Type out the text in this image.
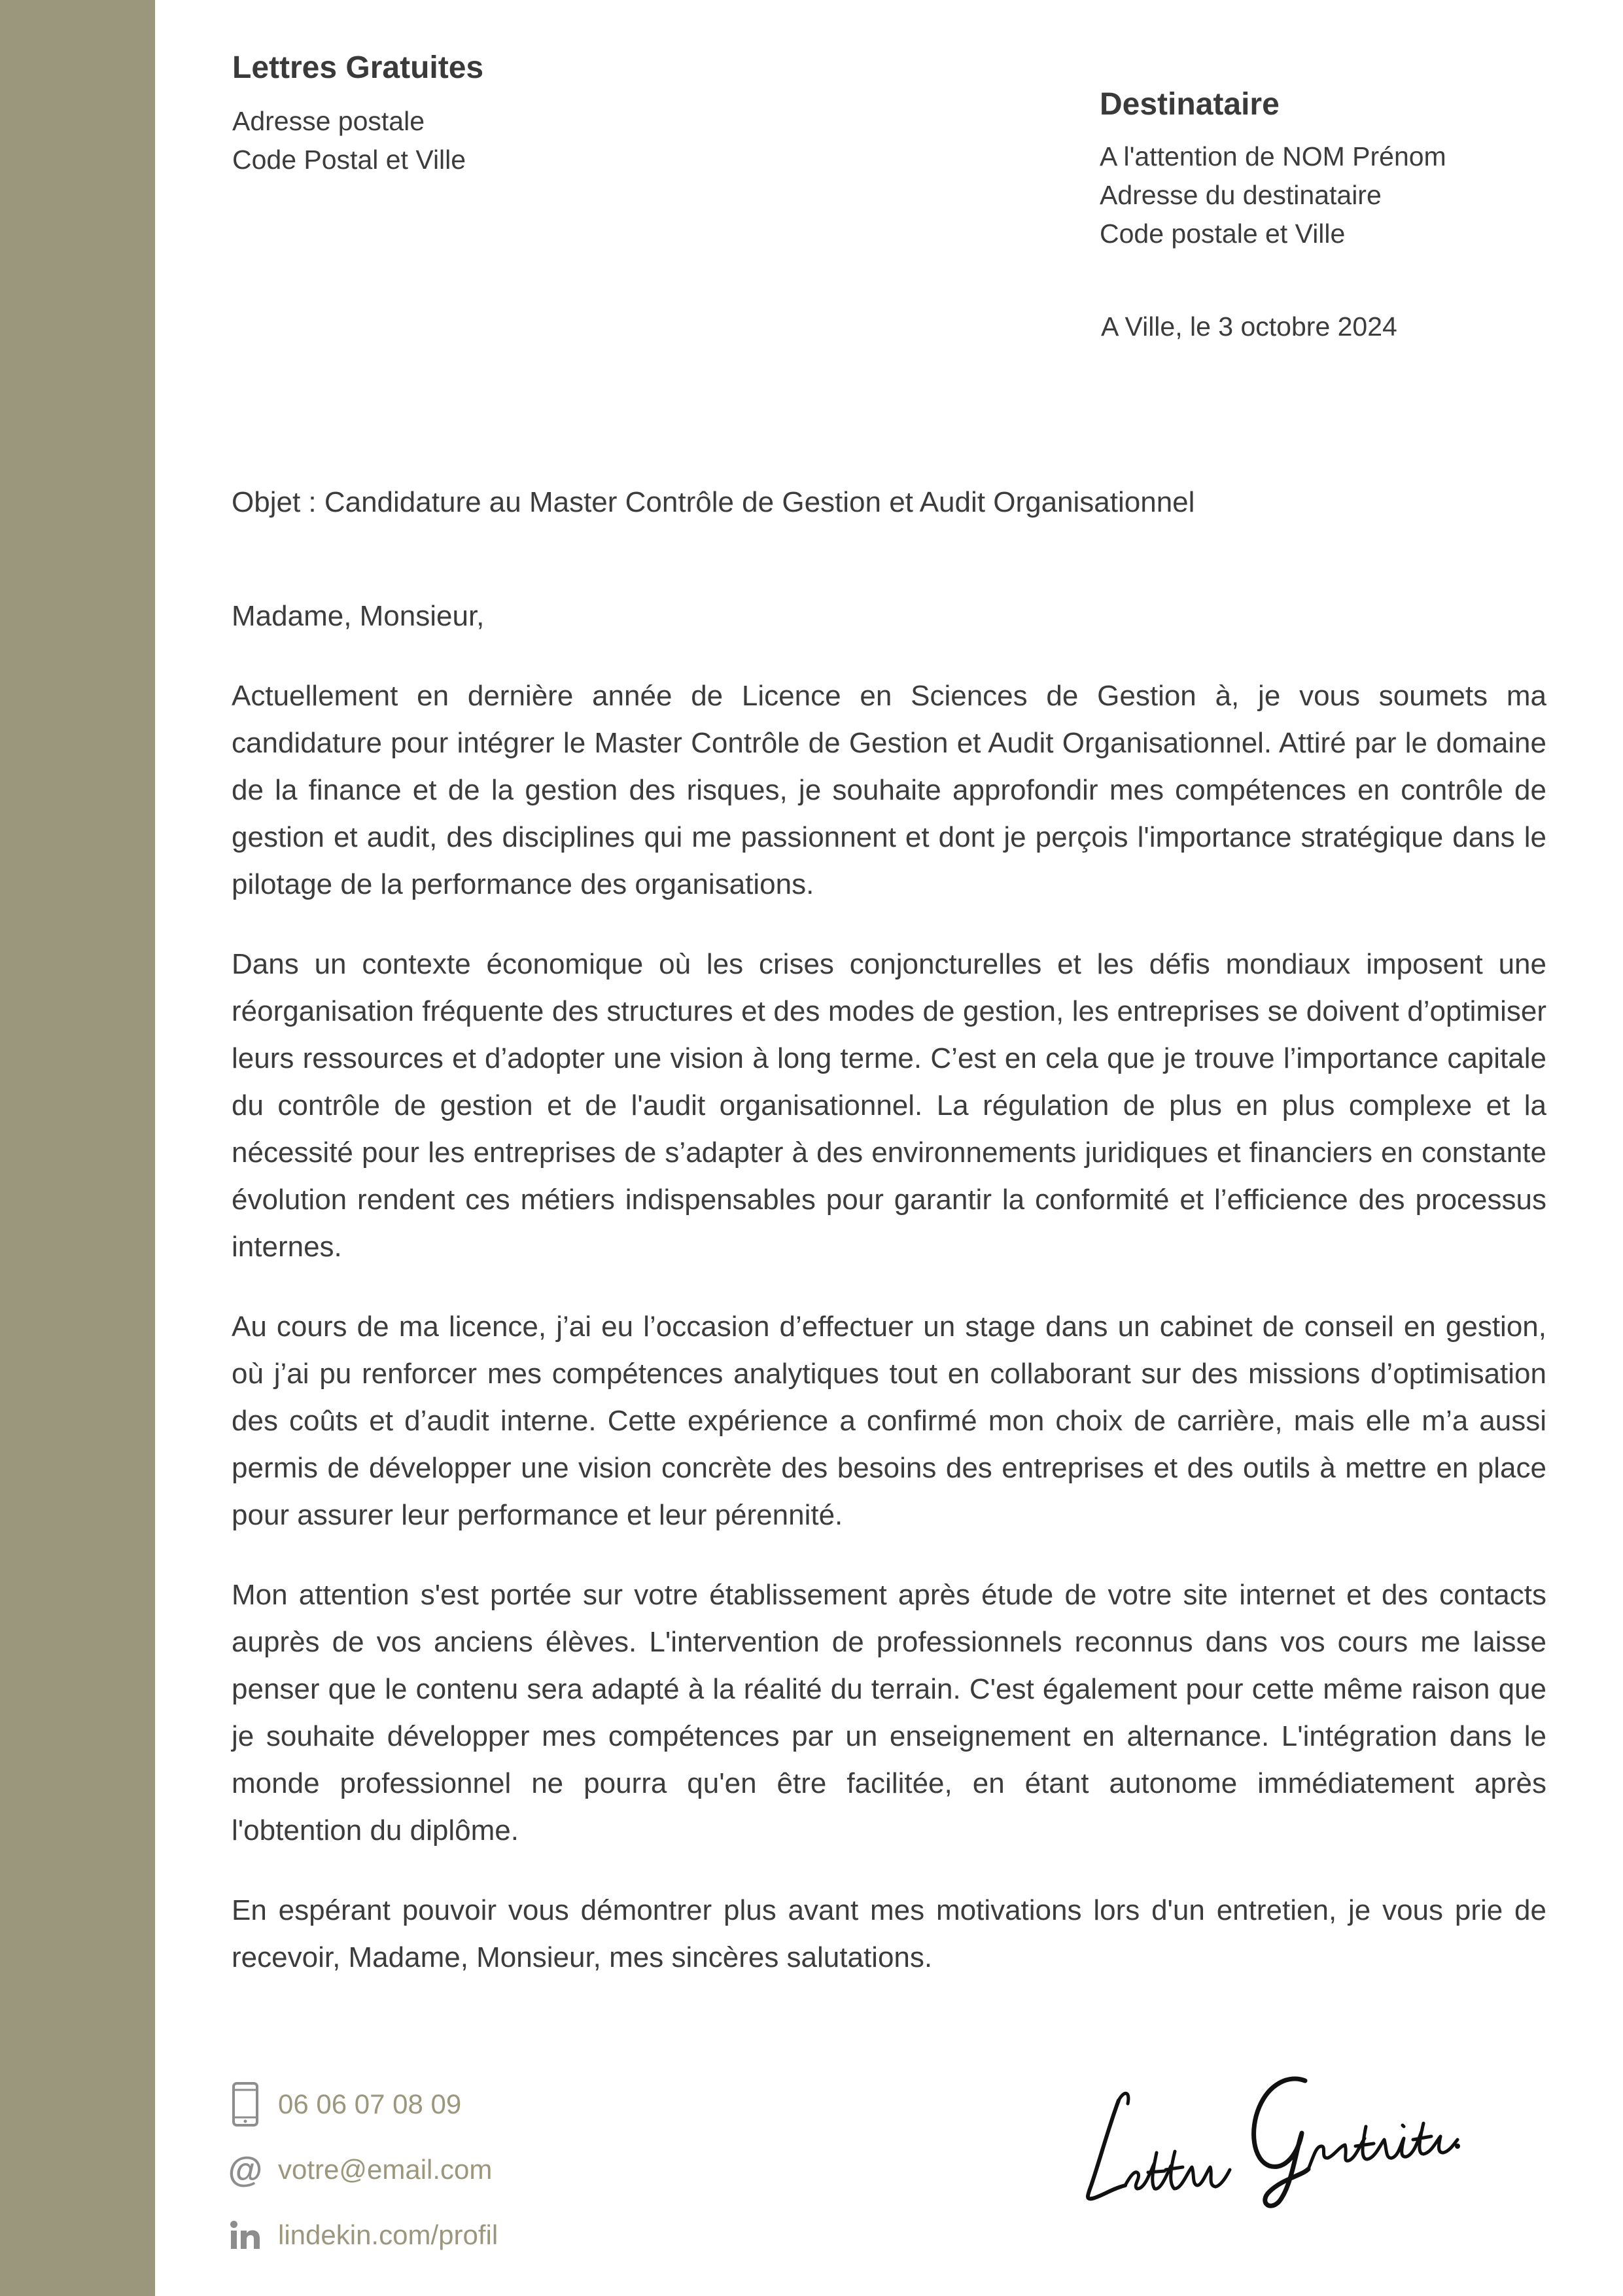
Lettres Gratuites
Adresse postale
Code Postal et Ville
Destinataire
A l'attention de NOM Prénom
Adresse du destinataire
Code postale et Ville
A Ville, le 3 octobre 2024
Objet : Candidature au Master Contrôle de Gestion et Audit Organisationnel
Madame, Monsieur,

Actuellement en dernière année de Licence en Sciences de Gestion à, je vous soumets ma candidature pour intégrer le Master Contrôle de Gestion et Audit Organisationnel. Attiré par le domaine de la finance et de la gestion des risques, je souhaite approfondir mes compétences en contrôle de gestion et audit, des disciplines qui me passionnent et dont je perçois l'importance stratégique dans le pilotage de la performance des organisations.

Dans un contexte économique où les crises conjoncturelles et les défis mondiaux imposent une réorganisation fréquente des structures et des modes de gestion, les entreprises se doivent d’optimiser leurs ressources et d’adopter une vision à long terme. C’est en cela que je trouve l’importance capitale du contrôle de gestion et de l'audit organisationnel. La régulation de plus en plus complexe et la nécessité pour les entreprises de s’adapter à des environnements juridiques et financiers en constante évolution rendent ces métiers indispensables pour garantir la conformité et l’efficience des processus internes.

Au cours de ma licence, j’ai eu l’occasion d’effectuer un stage dans un cabinet de conseil en gestion, où j’ai pu renforcer mes compétences analytiques tout en collaborant sur des missions d’optimisation des coûts et d’audit interne. Cette expérience a confirmé mon choix de carrière, mais elle m’a aussi permis de développer une vision concrète des besoins des entreprises et des outils à mettre en place pour assurer leur performance et leur pérennité.

Mon attention s'est portée sur votre établissement après étude de votre site internet et des contacts auprès de vos anciens élèves. L'intervention de professionnels reconnus dans vos cours me laisse penser que le contenu sera adapté à la réalité du terrain. C'est également pour cette même raison que je souhaite développer mes compétences par un enseignement en alternance. L'intégration dans le monde professionnel ne pourra qu'en être facilitée, en étant autonome immédiatement après l'obtention du diplôme.

En espérant pouvoir vous démontrer plus avant mes motivations lors d'un entretien, je vous prie de recevoir, Madame, Monsieur, mes sincères salutations.

06 06 07 08 09
@ votre@email.com
lindekin.com/profil
